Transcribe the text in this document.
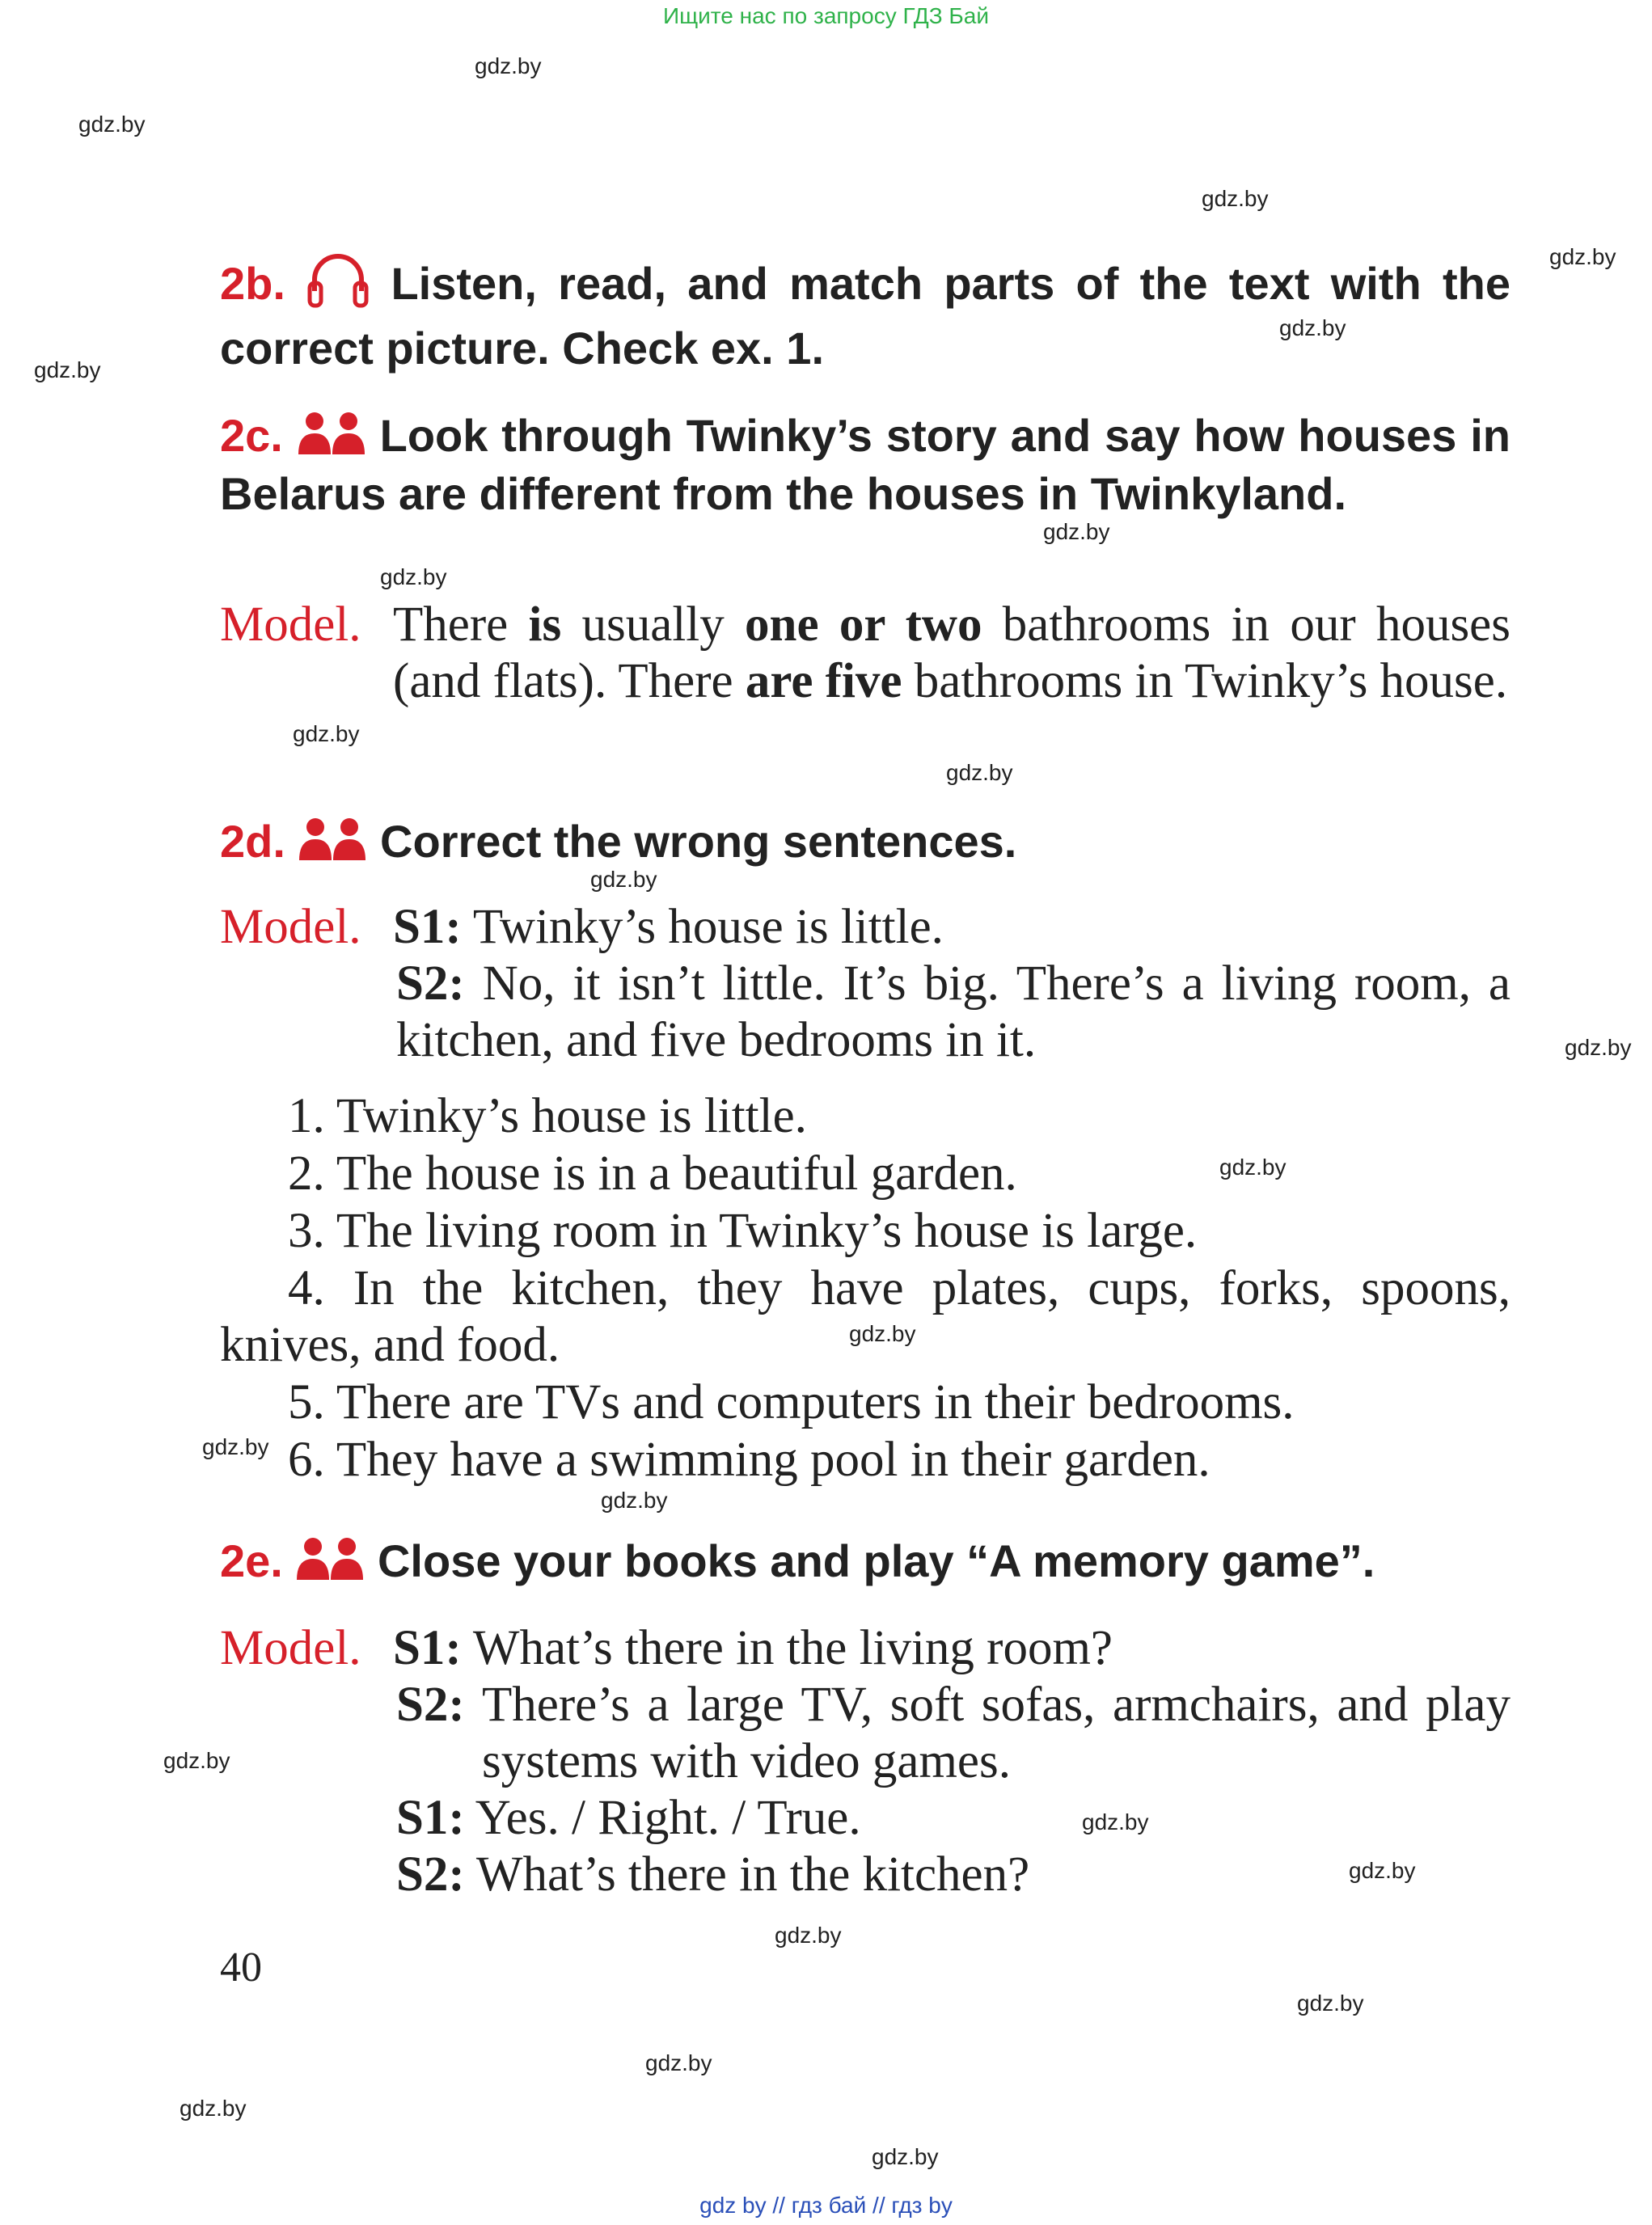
Ищите нас по запросу ГДЗ Бай
gdz.by
gdz.by
gdz.by
gdz.by
gdz.by
gdz.by
gdz.by
gdz.by
gdz.by
gdz.by
gdz.by
gdz.by
gdz.by
gdz.by
gdz.by
gdz.by
gdz.by
gdz.by
gdz.by
gdz.by
gdz.by
gdz.by
gdz.by
gdz.by
2b. Listen, read, and match parts of the text with the correct picture. Check ex. 1.
2c. Look through Twinky’s story and say how houses in Belarus are different from the houses in Twinkyland.
Model. There is usually one or two bathrooms in our houses (and flats). There are five bathrooms in Twinky’s house.
2d. Correct the wrong sentences.
Model. S1: Twinky’s house is little.
S2: No, it isn’t little. It’s big. There’s a living room, a kitchen, and five bedrooms in it.
1. Twinky’s house is little.
2. The house is in a beautiful garden.
3. The living room in Twinky’s house is large.
4. In the kitchen, they have plates, cups, forks, spoons, knives, and food.
5. There are TVs and computers in their bedrooms.
6. They have a swimming pool in their garden.
2e. Close your books and play “A memory game”.
Model. S1: What’s there in the living room?
S2: There’s a large TV, soft sofas, armchairs, and play systems with video games.
S1: Yes. / Right. / True.
S2: What’s there in the kitchen?
40
gdz by // гдз бай // гдз by
